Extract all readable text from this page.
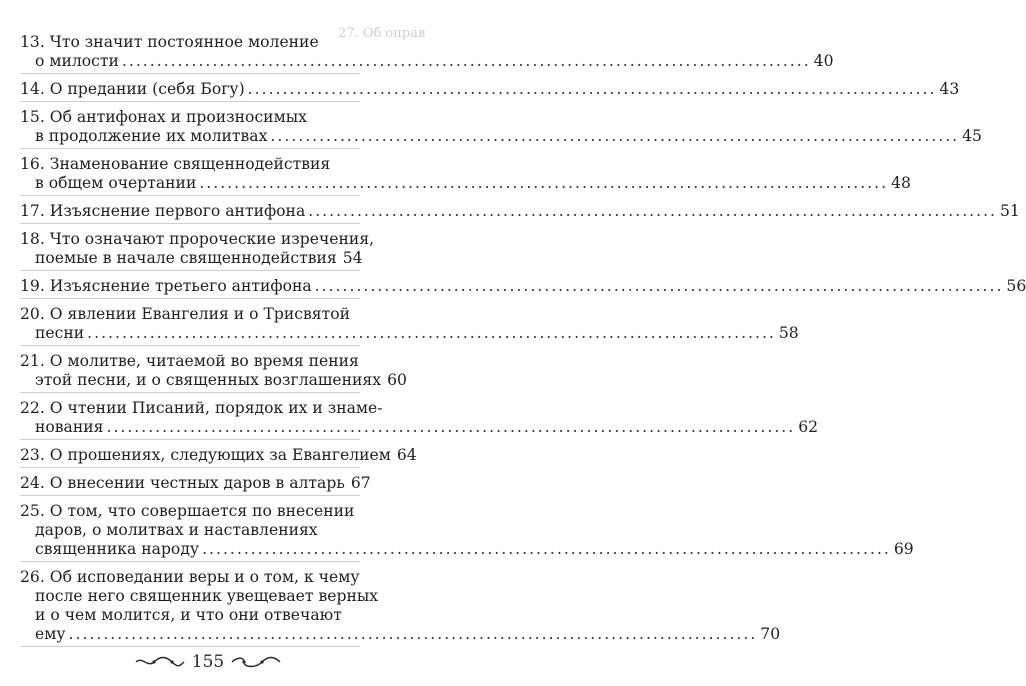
27. Об оправ
13. Что значит постоянное моление
о милости .....	40
14. О предании (себя Богу) .....	43
15. Об антифонах и произносимых
в продолжение их молитвах .....	45
16. Знаменование священнодействия
в общем очертании .....	48
17. Изъяснение первого антифона .....	51
18. Что означают пророческие изречения,
поемые в начале священнодействия 54
19. Изъяснение третьего антифона .....	56
20. О явлении Евангелия и о Трисвятой
песни .....	58
21. О молитве, читаемой во время пения
этой песни, и о священных возглашениях 60
22. О чтении Писаний, порядок их и знаме-
нования .....	62
23. О прошениях, следующих за Евангелием 64
24. О внесении честных даров в алтарь 67
25. О том, что совершается по внесении
даров, о молитвах и наставлениях
священника народу .....	69
26. Об исповедании веры и о том, к чему
после него священник увещевает верных
и о чем молится, и что они отвечают
ему .....	70
155
